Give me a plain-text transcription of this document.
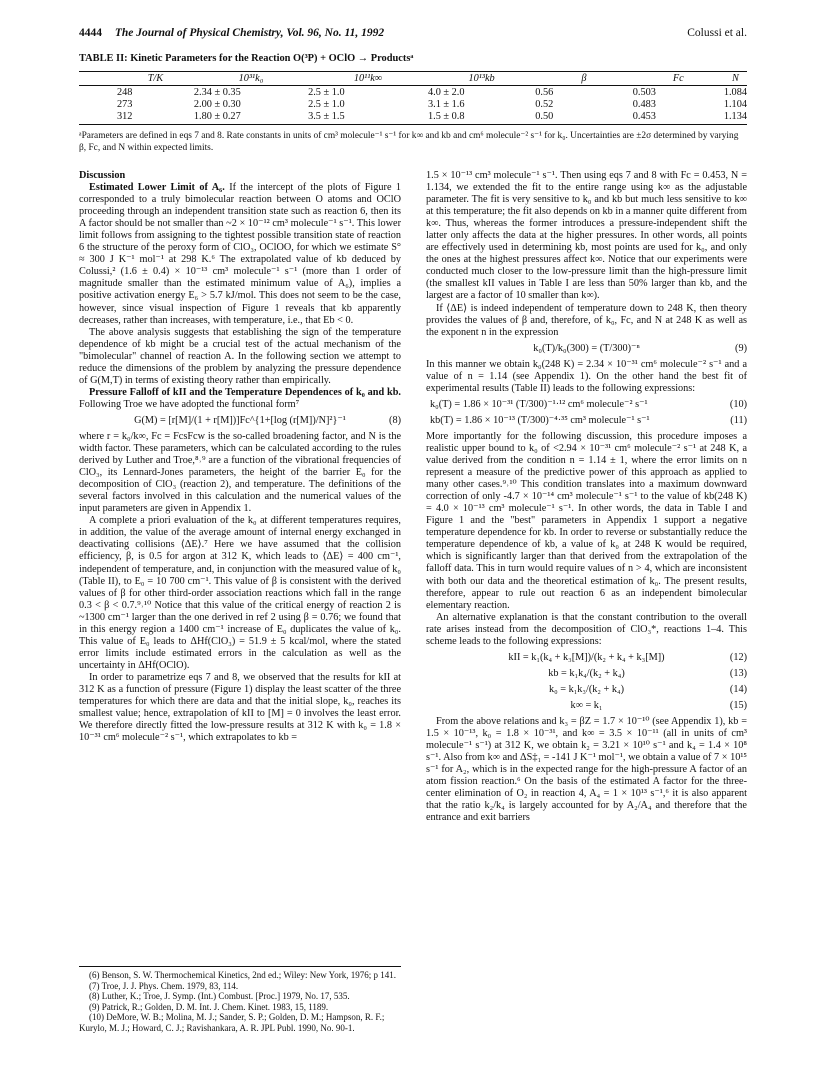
4444 The Journal of Physical Chemistry, Vol. 96, No. 11, 1992	Colussi et al.
TABLE II: Kinetic Parameters for the Reaction O(³P) + OClO → Productsᵃ
T/K	10³¹k₀	10¹¹k∞	10¹³kb	β	Fc	N
248	2.34 ± 0.35	2.5 ± 1.0	4.0 ± 2.0	0.56	0.503	1.084
273	2.00 ± 0.30	2.5 ± 1.0	3.1 ± 1.6	0.52	0.483	1.104
312	1.80 ± 0.27	3.5 ± 1.5	1.5 ± 0.8	0.50	0.453	1.134
ᵃParameters are defined in eqs 7 and 8. Rate constants in units of cm³ molecule⁻¹ s⁻¹ for k∞ and kb and cm⁶ molecule⁻² s⁻¹ for k₀. Uncertainties are ±2σ determined by varying β, Fc, and N within expected limits.

Discussion

Estimated Lower Limit of A₆. If the intercept of the plots of Figure 1 corresponded to a truly bimolecular reaction between O atoms and OClO proceeding through an independent transition state such as reaction 6, then its A factor should be not smaller than ~2 × 10⁻¹² cm³ molecule⁻¹ s⁻¹. This lower limit follows from assigning to the tightest possible transition state of reaction 6 the structure of the peroxy form of ClO₃, OClOO, for which we estimate S° ≈ 300 J K⁻¹ mol⁻¹ at 298 K.⁶ The extrapolated value of kb deduced by Colussi,² (1.6 ± 0.4) × 10⁻¹³ cm³ molecule⁻¹ s⁻¹ (more than 1 order of magnitude smaller than the estimated minimum value of A₆), implies a positive activation energy E₆ > 5.7 kJ/mol. This does not seem to be the case, however, since visual inspection of Figure 1 reveals that kb apparently decreases, rather than increases, with temperature, i.e., that Eb < 0.

The above analysis suggests that establishing the sign of the temperature dependence of kb might be a crucial test of the actual mechanism of the "bimolecular" channel of reaction A. In the following section we attempt to reduce the dimensions of the problem by analyzing the pressure dependence of G(M,T) in terms of existing theory rather than empirically.

Pressure Falloff of kII and the Temperature Dependences of k₀ and kb. Following Troe we have adopted the functional form⁷

G(M) = [r[M]/(1 + r[M])]Fc^{1+[log (r[M])/N]²}⁻¹	(8)

where r = k₀/k∞, Fc = FcsFcw is the so-called broadening factor, and N is the width factor. These parameters, which can be calculated according to the rules derived by Luther and Troe,⁸˒⁹ are a function of the vibrational frequencies of ClO₃, its Lennard-Jones parameters, the height of the barrier E₀ for the decomposition of ClO₃ (reaction 2), and temperature. The definitions of the several factors involved in this calculation and the numerical values of the input parameters are given in Appendix 1.

A complete a priori evaluation of the k₀ at different temperatures requires, in addition, the value of the average amount of internal energy exchanged in deactivating collisions ⟨ΔE⟩.⁷ Here we have assumed that the collision efficiency, β, is 0.5 for argon at 312 K, which leads to ⟨ΔE⟩ = 400 cm⁻¹, independent of temperature, and, in conjunction with the measured value of k₀ (Table II), to E₀ = 10 700 cm⁻¹. This value of β is consistent with the derived values of β for other third-order association reactions which fall in the range 0.3 < β < 0.7.⁹˒¹⁰ Notice that this value of the critical energy of reaction 2 is ~1300 cm⁻¹ larger than the one derived in ref 2 using β = 0.76; we found that in this energy region a 1400 cm⁻¹ increase of E₀ duplicates the value of k₀. This value of E₀ leads to ΔHf(ClO₃) = 51.9 ± 5 kcal/mol, where the stated error limits include estimated errors in the calculation as well as the uncertainty in ΔHf(OClO).

In order to parametrize eqs 7 and 8, we observed that the results for kII at 312 K as a function of pressure (Figure 1) display the least scatter of the three temperatures for which there are data and that the initial slope, k₀, reaches its smallest value; hence, extrapolation of kII to [M] = 0 involves the least error. We therefore directly fitted the low-pressure results at 312 K with k₀ = 1.8 × 10⁻³¹ cm⁶ molecule⁻² s⁻¹, which extrapolates to kb =

(6) Benson, S. W. Thermochemical Kinetics, 2nd ed.; Wiley: New York, 1976; p 141.

(7) Troe, J. J. Phys. Chem. 1979, 83, 114.

(8) Luther, K.; Troe, J. Symp. (Int.) Combust. [Proc.] 1979, No. 17, 535.

(9) Patrick, R.; Golden, D. M. Int. J. Chem. Kinet. 1983, 15, 1189.

(10) DeMore, W. B.; Molina, M. J.; Sander, S. P.; Golden, D. M.; Hampson, R. F.; Kurylo, M. J.; Howard, C. J.; Ravishankara, A. R. JPL Publ. 1990, No. 90-1.

1.5 × 10⁻¹³ cm³ molecule⁻¹ s⁻¹. Then using eqs 7 and 8 with Fc = 0.453, N = 1.134, we extended the fit to the entire range using k∞ as the adjustable parameter. The fit is very sensitive to k₀ and kb but much less sensitive to k∞ at this temperature; the fit also depends on kb in a manner quite different from k∞. Thus, whereas the former introduces a pressure-independent shift the latter only affects the data at the higher pressures. In other words, all points are effectively used in determining kb, most points are used for k₀, and only the ones at the highest pressures affect k∞. Notice that our experiments were conducted much closer to the low-pressure limit than the high-pressure limit (the smallest kII values in Table I are less than 50% larger than kb, and the largest are a factor of 10 smaller than k∞).

If ⟨ΔE⟩ is indeed independent of temperature down to 248 K, then theory provides the values of β and, therefore, of k₀, Fc, and N at 248 K as well as the exponent n in the expression

k₀(T)/k₀(300) = (T/300)⁻ⁿ	(9)

In this manner we obtain k₀(248 K) = 2.34 × 10⁻³¹ cm⁶ molecule⁻² s⁻¹ and a value of n = 1.14 (see Appendix 1). On the other hand the best fit of experimental results (Table II) leads to the following expressions:

k₀(T) = 1.86 × 10⁻³¹ (T/300)⁻¹·¹² cm⁶ molecule⁻² s⁻¹	(10)
kb(T) = 1.86 × 10⁻¹³ (T/300)⁻⁴·³⁵ cm³ molecule⁻¹ s⁻¹	(11)

More importantly for the following discussion, this procedure imposes a realistic upper bound to k₀ of <2.94 × 10⁻³¹ cm⁶ molecule⁻² s⁻¹ at 248 K, a value derived from the condition n = 1.14 ± 1, where the error limits on n represent a measure of the predictive power of this approach as applied to many other cases.⁹˒¹⁰ This condition translates into a maximum downward correction of only -4.7 × 10⁻¹⁴ cm³ molecule⁻¹ s⁻¹ to the value of kb(248 K) = 4.0 × 10⁻¹³ cm³ molecule⁻¹ s⁻¹. In other words, the data in Table I and Figure 1 and the "best" parameters in Appendix 1 support a negative temperature dependence for kb. In order to reverse or substantially reduce the temperature dependence of kb, a value of k₀ at 248 K would be required, which is significantly larger than that derived from the extrapolation of the falloff data. This in turn would require values of n > 4, which are inconsistent with both our data and the theoretical estimation of k₀. The present results, therefore, appear to rule out reaction 6 as an independent bimolecular elementary reaction.

An alternative explanation is that the constant contribution to the overall rate arises instead from the decomposition of ClO₃*, reactions 1–4. This scheme leads to the following expressions:

kII = k₁(k₄ + k₃[M])/(k₂ + k₄ + k₃[M])	(12)
kb = k₁k₄/(k₂ + k₄)	(13)
k₀ = k₁k₃/(k₂ + k₄)	(14)
k∞ = k₁	(15)

From the above relations and k₃ = βZ = 1.7 × 10⁻¹⁰ (see Appendix 1), kb = 1.5 × 10⁻¹³, k₀ = 1.8 × 10⁻³¹, and k∞ = 3.5 × 10⁻¹¹ (all in units of cm³ molecule⁻¹ s⁻¹) at 312 K, we obtain k₂ = 3.21 × 10¹⁰ s⁻¹ and k₄ = 1.4 × 10⁸ s⁻¹. Also from k∞ and ΔS‡₁ = -141 J K⁻¹ mol⁻¹, we obtain a value of 7 × 10¹⁵ s⁻¹ for A₂, which is in the expected range for the high-pressure A factor of an atom fission reaction.⁶ On the basis of the estimated A factor for the three-center elimination of O₂ in reaction 4, A₄ = 1 × 10¹³ s⁻¹,⁶ it is also apparent that the ratio k₂/k₄ is largely accounted for by A₂/A₄ and therefore that the entrance and exit barriers
